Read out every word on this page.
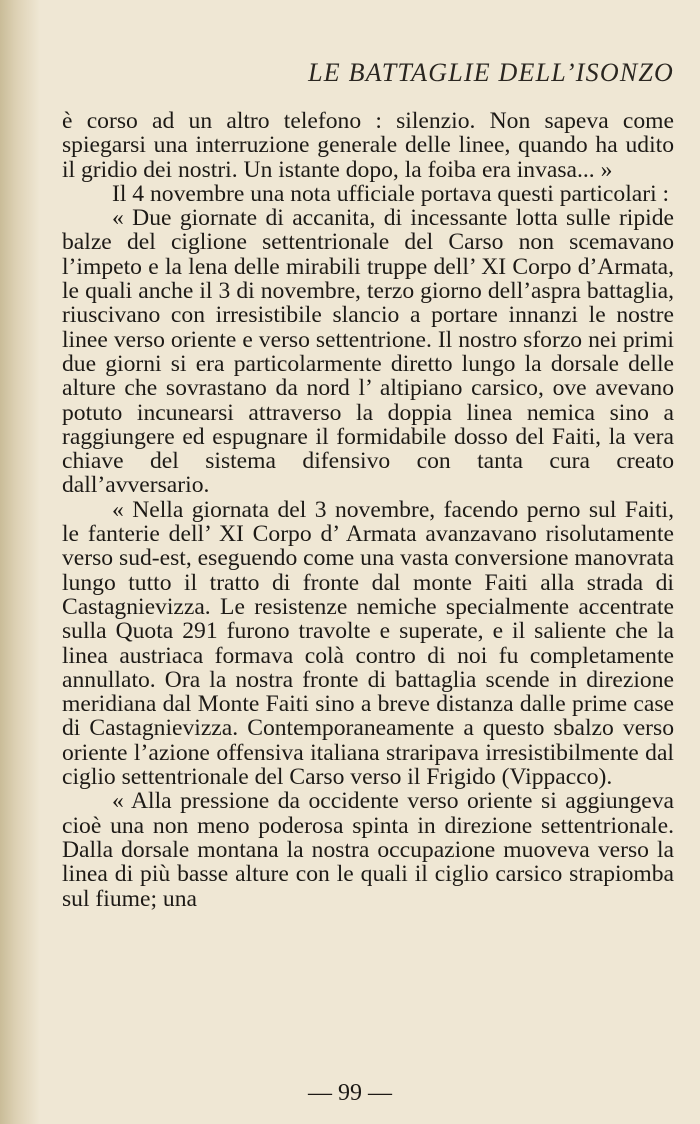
LE BATTAGLIE DELL’ISONZO

è corso ad un altro telefono : silenzio. Non sapeva come spiegarsi una interruzione generale delle linee, quando ha udito il gridio dei nostri. Un istante dopo, la foiba era invasa... »

Il 4 novembre una nota ufficiale portava questi particolari :

« Due giornate di accanita, di incessante lotta sulle ripide balze del ciglione settentrionale del Carso non scemavano l’impeto e la lena delle mirabili truppe dell’ XI Corpo d’Armata, le quali anche il 3 di novembre, terzo giorno dell’aspra battaglia, riuscivano con irresistibile slancio a portare innanzi le nostre linee verso oriente e verso settentrione. Il nostro sforzo nei primi due giorni si era particolarmente diretto lungo la dorsale delle alture che sovrastano da nord l’ altipiano carsico, ove avevano potuto incunearsi attraverso la doppia linea nemica sino a raggiungere ed espugnare il formidabile dosso del Faiti, la vera chiave del sistema difensivo con tanta cura creato dall’avversario.

« Nella giornata del 3 novembre, facendo perno sul Faiti, le fanterie dell’ XI Corpo d’ Armata avanzavano risolutamente verso sud-est, eseguendo come una vasta conversione manovrata lungo tutto il tratto di fronte dal monte Faiti alla strada di Castagnievizza. Le resistenze nemiche specialmente accentrate sulla Quota 291 furono travolte e superate, e il saliente che la linea austriaca formava colà contro di noi fu completamente annullato. Ora la nostra fronte di battaglia scende in direzione meridiana dal Monte Faiti sino a breve distanza dalle prime case di Castagnievizza. Contemporaneamente a questo sbalzo verso oriente l’azione offensiva italiana straripava irresistibilmente dal ciglio settentrionale del Carso verso il Frigido (Vippacco).

« Alla pressione da occidente verso oriente si aggiungeva cioè una non meno poderosa spinta in direzione settentrionale. Dalla dorsale montana la nostra occupazione muoveva verso la linea di più basse alture con le quali il ciglio carsico strapiomba sul fiume; una

— 99 —
